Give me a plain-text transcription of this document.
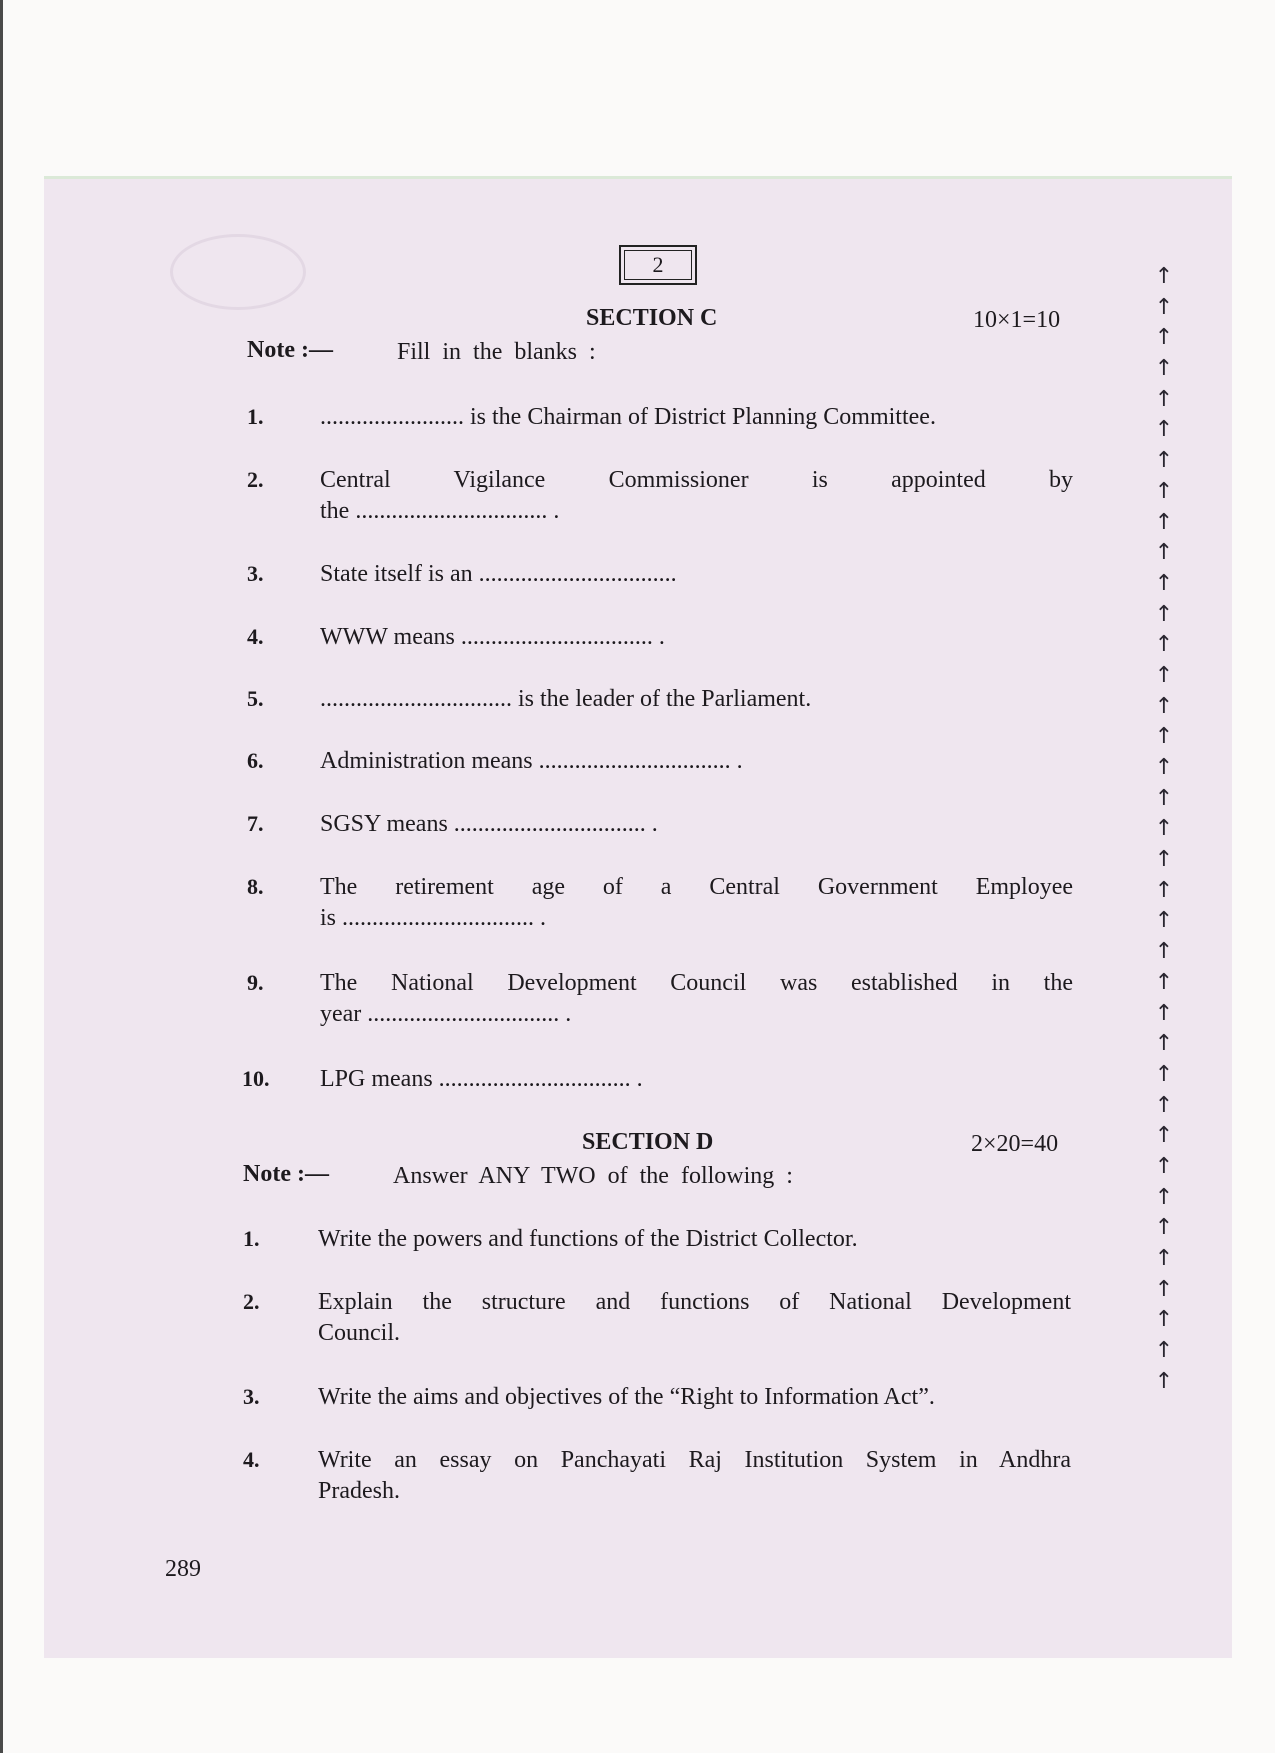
2
SECTION C	10×1=10
Note :—	Fill in the blanks :
1. ........................ is the Chairman of District Planning Committee.
2. Central Vigilance Commissioner is appointed by
the ................................ .
3. State itself is an .................................
4. WWW means ................................ .
5. ................................ is the leader of the Parliament.
6. Administration means ................................ .
7. SGSY means ................................ .
8. The retirement age of a Central Government Employee
is ................................ .
9. The National Development Council was established in the
year ................................ .
10. LPG means ................................ .
SECTION D	2×20=40
Note :—	Answer ANY TWO of the following :
1. Write the powers and functions of the District Collector.
2. Explain the structure and functions of National Development
Council.
3. Write the aims and objectives of the “Right to Information Act”.
4. Write an essay on Panchayati Raj Institution System in Andhra
Pradesh.
289
↑
↑
↑
↑
↑
↑
↑
↑
↑
↑
↑
↑
↑
↑
↑
↑
↑
↑
↑
↑
↑
↑
↑
↑
↑
↑
↑
↑
↑
↑
↑
↑
↑
↑
↑
↑
↑
